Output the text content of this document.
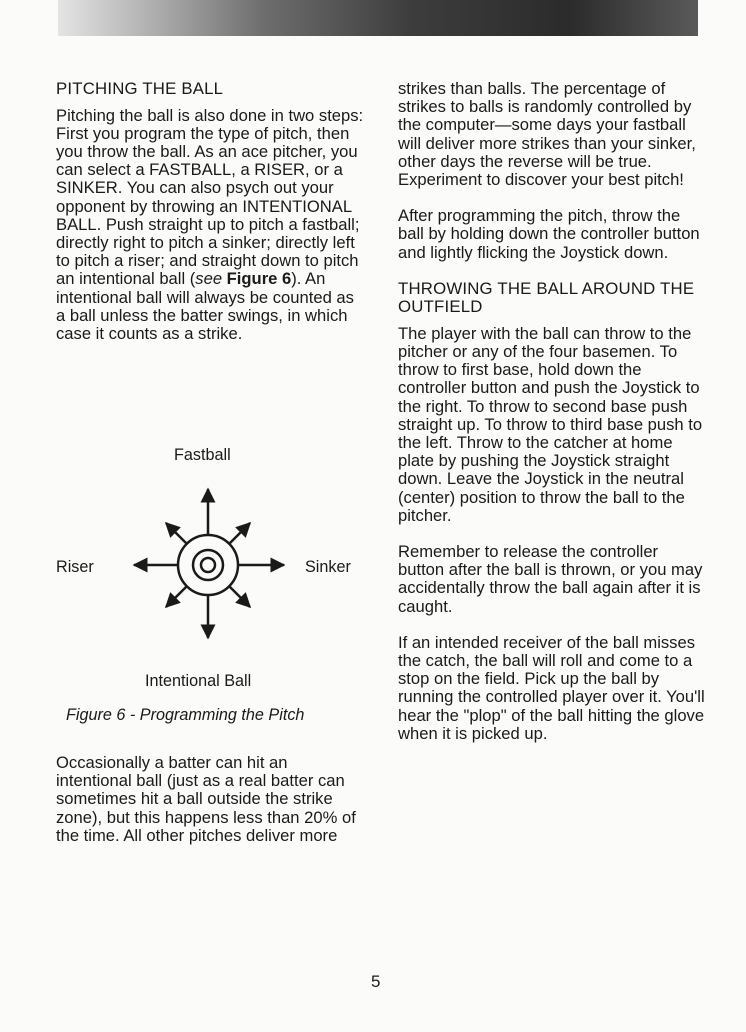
PITCHING THE BALL

Pitching the ball is also done in two steps: First you program the type of pitch, then you throw the ball. As an ace pitcher, you can select a FASTBALL, a RISER, or a SINKER. You can also psych out your opponent by throwing an INTENTIONAL BALL. Push straight up to pitch a fastball; directly right to pitch a sinker; directly left to pitch a riser; and straight down to pitch an intentional ball (see Figure 6). An intentional ball will always be counted as a ball unless the batter swings, in which case it counts as a strike.

Fastball
Riser	Sinker
Intentional Ball
Figure 6 - Programming the Pitch

Occasionally a batter can hit an intentional ball (just as a real batter can sometimes hit a ball outside the strike zone), but this happens less than 20% of the time. All other pitches deliver more

strikes than balls. The percentage of strikes to balls is randomly controlled by the computer—some days your fastball will deliver more strikes than your sinker, other days the reverse will be true. Experiment to discover your best pitch!

After programming the pitch, throw the ball by holding down the controller button and lightly flicking the Joystick down.

THROWING THE BALL AROUND THE OUTFIELD

The player with the ball can throw to the pitcher or any of the four basemen. To throw to first base, hold down the controller button and push the Joystick to the right. To throw to second base push straight up. To throw to third base push to the left. Throw to the catcher at home plate by pushing the Joystick straight down. Leave the Joystick in the neutral (center) position to throw the ball to the pitcher.

Remember to release the controller button after the ball is thrown, or you may accidentally throw the ball again after it is caught.

If an intended receiver of the ball misses the catch, the ball will roll and come to a stop on the field. Pick up the ball by running the controlled player over it. You'll hear the "plop" of the ball hitting the glove when it is picked up.

5
